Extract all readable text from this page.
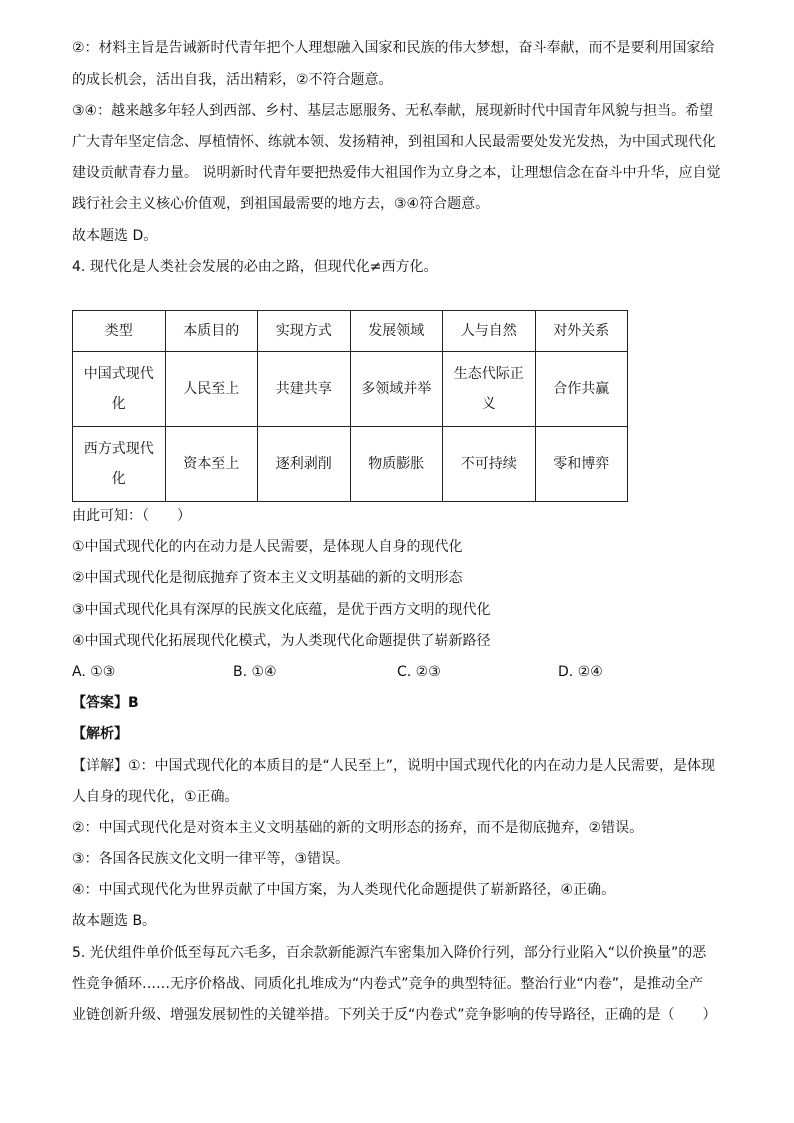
②：材料主旨是告诫新时代青年把个人理想融入国家和民族的伟大梦想，奋斗奉献，而不是要利用国家给
的成长机会，活出自我，活出精彩，②不符合题意。
③④：越来越多年轻人到西部、乡村、基层志愿服务、无私奉献，展现新时代中国青年风貌与担当。希望
广大青年坚定信念、厚植情怀、练就本领、发扬精神，到祖国和人民最需要处发光发热，为中国式现代化
建设贡献青春力量。 说明新时代青年要把热爱伟大祖国作为立身之本，让理想信念在奋斗中升华，应自觉
践行社会主义核心价值观，到祖国最需要的地方去，③④符合题意。
故本题选 D。
4. 现代化是人类社会发展的必由之路，但现代化≠西方化。
类型	本质目的	实现方式	发展领域	人与自然	对外关系
中国式现代化	人民至上	共建共享	多领域并举	生态代际正义	合作共赢
西方式现代化	资本至上	逐利剥削	物质膨胀	不可持续	零和博弈
由此可知：（　　）
①中国式现代化的内在动力是人民需要，是体现人自身的现代化
②中国式现代化是彻底抛弃了资本主义文明基础的新的文明形态
③中国式现代化具有深厚的民族文化底蕴，是优于西方文明的现代化
④中国式现代化拓展现代化模式，为人类现代化命题提供了崭新路径
A. ①③	B. ①④	C. ②③	D. ②④
【答案】B
【解析】
【详解】①：中国式现代化的本质目的是“人民至上”，说明中国式现代化的内在动力是人民需要，是体现
人自身的现代化，①正确。
②：中国式现代化是对资本主义文明基础的新的文明形态的扬弃，而不是彻底抛弃，②错误。
③：各国各民族文化文明一律平等，③错误。
④：中国式现代化为世界贡献了中国方案，为人类现代化命题提供了崭新路径，④正确。
故本题选 B。
5. 光伏组件单价低至每瓦六毛多，百余款新能源汽车密集加入降价行列，部分行业陷入“以价换量”的恶
性竞争循环……无序价格战、同质化扎堆成为“内卷式”竞争的典型特征。整治行业“内卷”，是推动全产
业链创新升级、增强发展韧性的关键举措。下列关于反“内卷式”竞争影响的传导路径，正确的是（　　）
